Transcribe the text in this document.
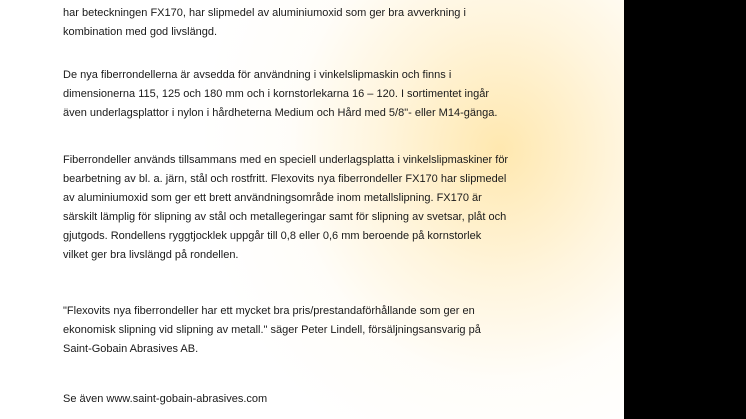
har beteckningen FX170, har slipmedel av aluminiumoxid som ger bra avverkning i
kombination med god livslängd.

De nya fiberrondellerna är avsedda för användning i vinkelslipmaskin och finns i
dimensionerna 115, 125 och 180 mm och i kornstorlekarna 16 – 120. I sortimentet ingår
även underlagsplattor i nylon i hårdheterna Medium och Hård med 5/8"- eller M14-gänga.

Fiberrondeller används tillsammans med en speciell underlagsplatta i vinkelslipmaskiner för
bearbetning av bl. a. järn, stål och rostfritt. Flexovits nya fiberrondeller FX170 har slipmedel
av aluminiumoxid som ger ett brett användningsområde inom metallslipning. FX170 är
särskilt lämplig för slipning av stål och metallegeringar samt för slipning av svetsar, plåt och
gjutgods. Rondellens ryggtjocklek uppgår till 0,8 eller 0,6 mm beroende på kornstorlek
vilket ger bra livslängd på rondellen.

"Flexovits nya fiberrondeller har ett mycket bra pris/prestandaförhållande som ger en
ekonomisk slipning vid slipning av metall." säger Peter Lindell, försäljningsansvarig på
Saint-Gobain Abrasives AB.

Se även www.saint-gobain-abrasives.com
